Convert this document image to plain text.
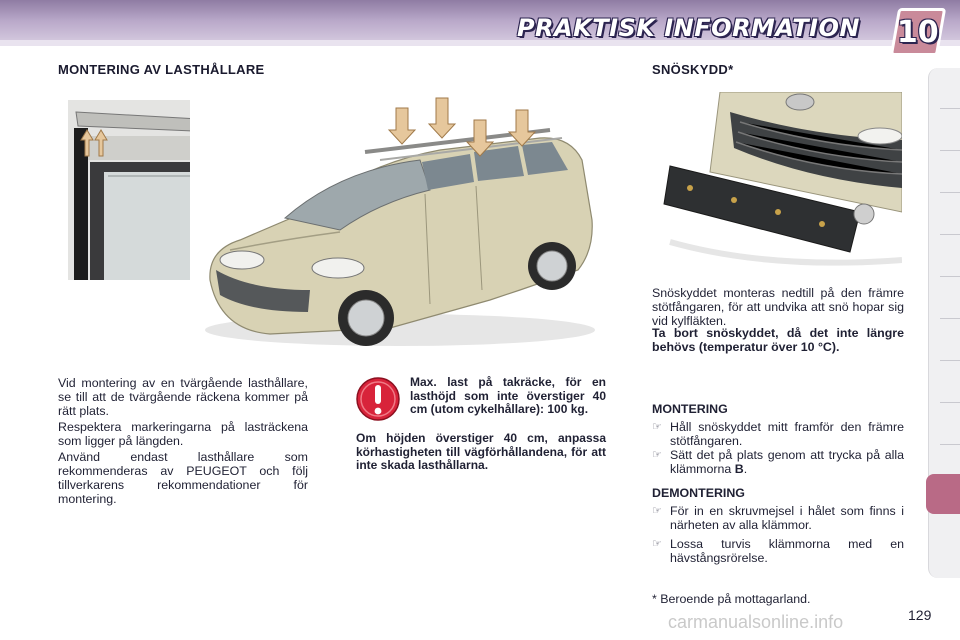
PRAKTISK INFORMATION 10
MONTERING AV LASTHÅLLARE
Vid montering av en tvärgående lasthållare, se till att de tvärgående räckena kommer på rätt plats.
Respektera markeringarna på lasträckena som ligger på längden.
Använd endast lasthållare som rekommenderas av PEUGEOT och följ tillverkarens rekommendationer för montering.
Max. last på takräcke, för en lasthöjd som inte överstiger 40 cm (utom cykelhållare): 100 kg.
Om höjden överstiger 40 cm, anpassa körhastigheten till vägförhållandena, för att inte skada lasthållarna.
SNÖSKYDD*
Snöskyddet monteras nedtill på den främre stötfångaren, för att undvika att snö hopar sig vid kylfläkten.
Ta bort snöskyddet, då det inte längre behövs (temperatur över 10 °C).
MONTERING
☞ Håll snöskyddet mitt framför den främre stötfångaren.
☞ Sätt det på plats genom att trycka på alla klämmorna B.
DEMONTERING
☞ För in en skruvmejsel i hålet som finns i närheten av alla klämmor.
☞ Lossa turvis klämmorna med en hävstångsrörelse.
* Beroende på mottagarland.
carmanualsonline.info	129
